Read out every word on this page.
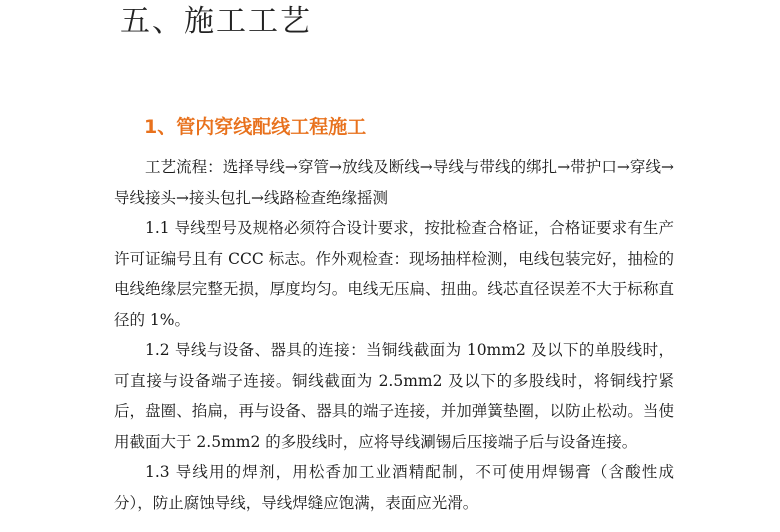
五、施工工艺
1、管内穿线配线工程施工

工艺流程：选择导线→穿管→放线及断线→导线与带线的绑扎→带护口→穿线→导线接头→接头包扎→线路检查绝缘摇测

1.1 导线型号及规格必须符合设计要求，按批检查合格证，合格证要求有生产许可证编号且有 CCC 标志。作外观检查：现场抽样检测，电线包装完好，抽检的电线绝缘层完整无损，厚度均匀。电线无压扁、扭曲。线芯直径误差不大于标称直径的 1%。

1.2 导线与设备、器具的连接：当铜线截面为 10mm2 及以下的单股线时，可直接与设备端子连接。铜线截面为 2.5mm2 及以下的多股线时，将铜线拧紧后，盘圈、掐扁，再与设备、器具的端子连接，并加弹簧垫圈，以防止松动。当使用截面大于 2.5mm2 的多股线时，应将导线涮锡后压接端子后与设备连接。

1.3 导线用的焊剂，用松香加工业酒精配制，不可使用焊锡膏（含酸性成分），防止腐蚀导线，导线焊缝应饱满，表面应光滑。
